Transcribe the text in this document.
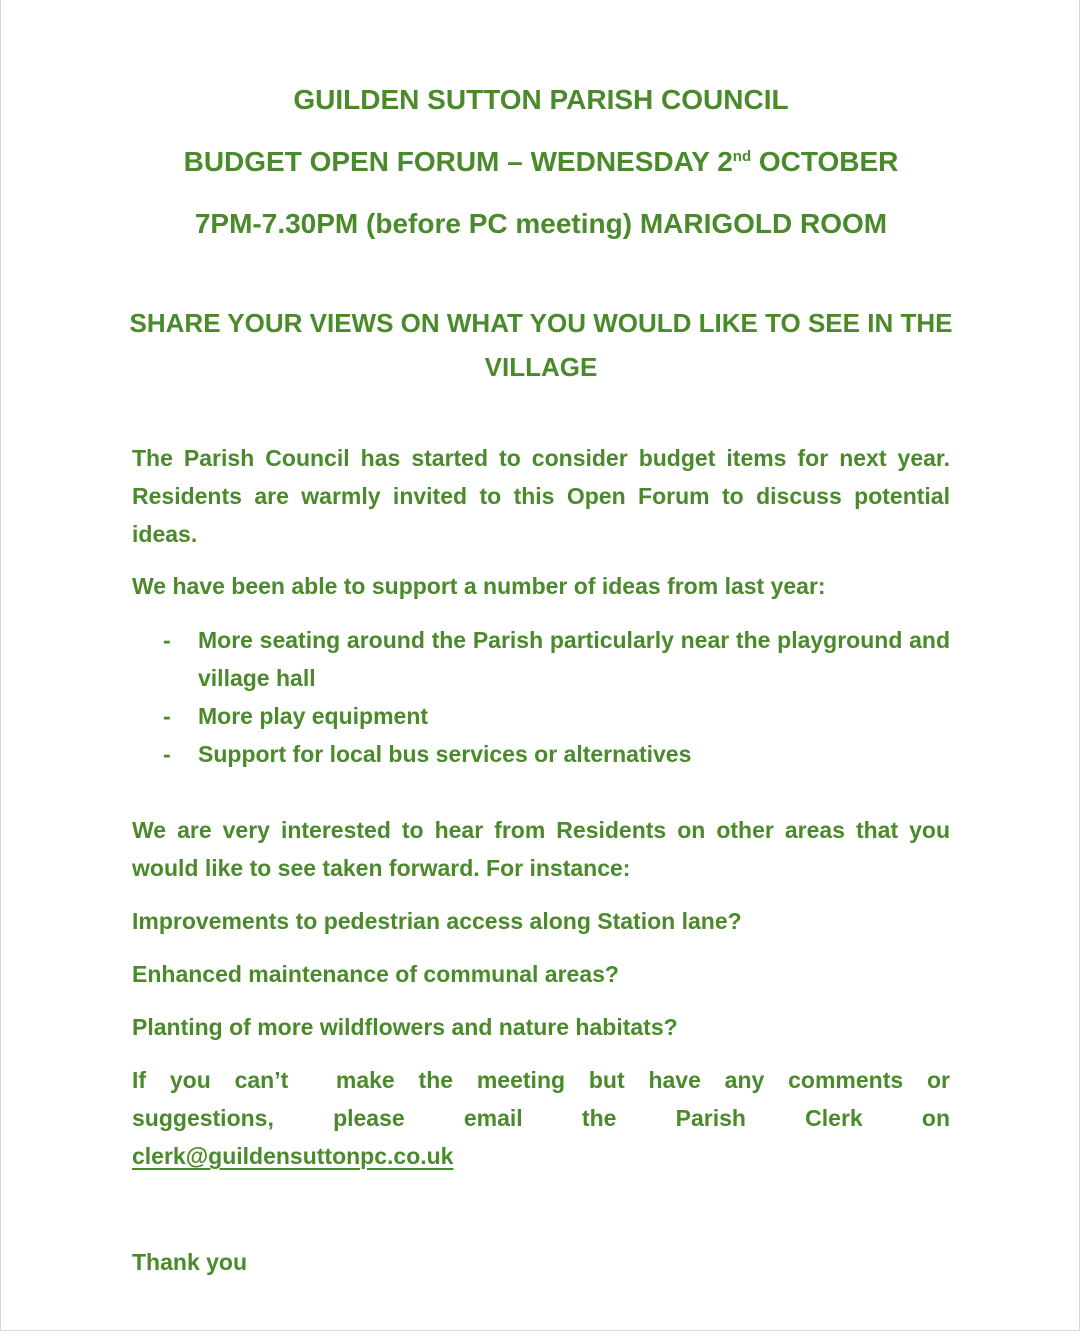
GUILDEN SUTTON PARISH COUNCIL
BUDGET OPEN FORUM – WEDNESDAY 2nd OCTOBER
7PM-7.30PM (before PC meeting) MARIGOLD ROOM
SHARE YOUR VIEWS ON WHAT YOU WOULD LIKE TO SEE IN THE VILLAGE
The Parish Council has started to consider budget items for next year. Residents are warmly invited to this Open Forum to discuss potential ideas.
We have been able to support a number of ideas from last year:
-	More seating around the Parish particularly near the playground and village hall
-	More play equipment
-	Support for local bus services or alternatives
We are very interested to hear from Residents on other areas that you would like to see taken forward. For instance:
Improvements to pedestrian access along Station lane?
Enhanced maintenance of communal areas?
Planting of more wildflowers and nature habitats?
If you can’t  make the meeting but have any comments or
suggestions, please email the Parish Clerk on
clerk@guildensuttonpc.co.uk
Thank you
